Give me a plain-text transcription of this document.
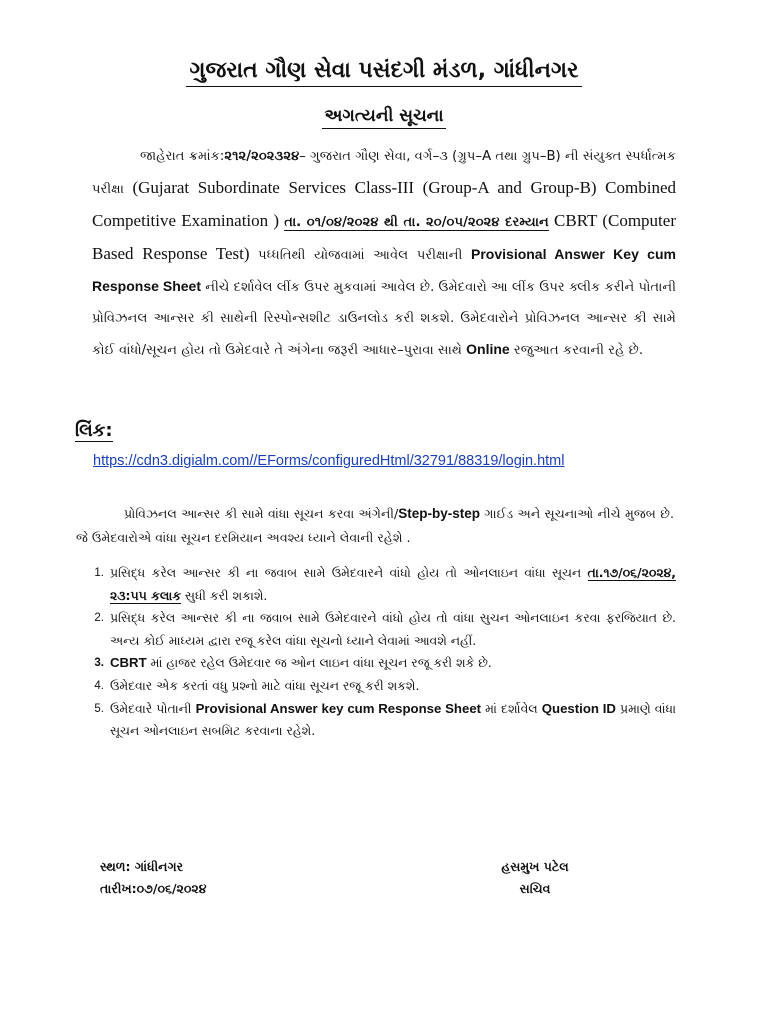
ગુજરાત ગૌણ સેવા પસંદગી મંડળ, ગાંધીનગર
અગત્યની સૂચના
જાહેરાત ક્રમાંક:૨૧૨/૨૦૨૩૨૪– ગુજરાત ગૌણ સેવા, વર્ગ–૩ (ગ્રુપ–A તથા ગ્રુપ–B) ની સંયુક્ત સ્પર્ધાત્મક પરીક્ષા (Gujarat Subordinate Services Class-III (Group-A and Group-B) Combined Competitive Examination ) તા. ૦૧/૦૪/૨૦૨૪ થી તા. ૨૦/૦૫/૨૦૨૪ દરમ્યાન CBRT (Computer Based Response Test) પધ્ધતિથી યોજવામાં આવેલ પરીક્ષાની Provisional Answer Key cum Response Sheet નીચે દર્શાવેલ લીંક ઉપર મુકવામાં આવેલ છે. ઉમેદવારો આ લીંક ઉપર ક્લીક કરીને પોતાની પ્રોવિઝનલ આન્સર કી સાથેની રિસ્પોન્સશીટ ડાઉનલોડ કરી શકશે. ઉમેદવારોને પ્રોવિઝનલ આન્સર કી સામે કોઈ વાંધો/સૂચન હોય તો ઉમેદવારે તે અંગેના જરૂરી આધાર–પુરાવા સાથે Online રજુઆત કરવાની રહે છે.
લિંક:
https://cdn3.digialm.com//EForms/configuredHtml/32791/88319/login.html
પ્રોવિઝનલ આન્સર કી સામે વાંધા સૂચન કરવા અંગેની/Step-by-step ગાઈડ અને સૂચનાઓ નીચે મુજબ છે. જે ઉમેદવારોએ વાંધા સૂચન દરમિયાન અવશ્ય ધ્યાને લેવાની રહેશે .
1. પ્રસિદ્ધ કરેલ આન્સર કી ના જવાબ સામે ઉમેદવારને વાંધો હોય તો ઓનલાઇન વાંધા સૂચન તા.૧૭/૦૬/૨૦૨૪, ૨૩:૫૫ કલાક સુધી કરી શકાશે.
2. પ્રસિદ્ધ કરેલ આન્સર કી ના જવાબ સામે ઉમેદવારને વાંધો હોય તો વાંધા સુચન ઓનલાઇન કરવા ફરજિયાત છે. અન્ય કોઈ માધ્યમ દ્વારા રજૂ કરેલ વાંધા સૂચનો ધ્યાને લેવામાં આવશે નહીં.
3. CBRT માં હાજર રહેલ ઉમેદવાર જ ઓન લાઇન વાંધા સૂચન રજૂ કરી શકે છે.
4. ઉમેદવાર એક કરતાં વધુ પ્રશ્નો માટે વાંધા સૂચન રજૂ કરી શકશે.
5. ઉમેદવારે પોતાની Provisional Answer key cum Response Sheet માં દર્શાવેલ Question ID પ્રમાણે વાંધા સૂચન ઓનલાઇન સબમિટ કરવાના રહેશે.
સ્થળ: ગાંધીનગર
તારીખ:૦૭/૦૬/૨૦૨૪
હસમુખ પટેલ
સચિવ
